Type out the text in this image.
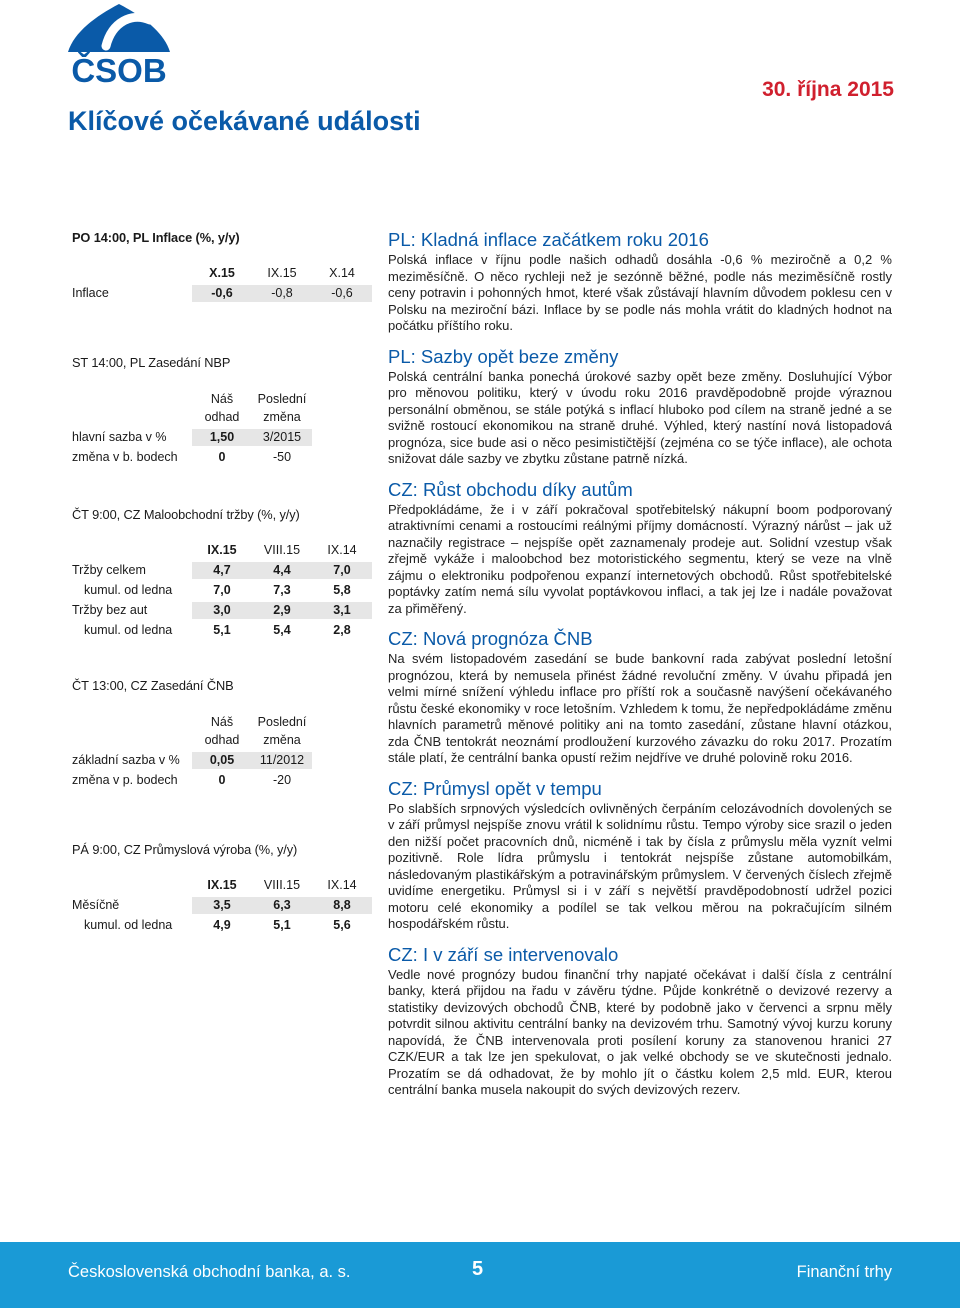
ČSOB
30. října 2015
Klíčové očekávané události
PO 14:00, PL Inflace (%, y/y)
	X.15	IX.15	X.14
Inflace	-0,6	-0,8	-0,6
ST 14:00, PL Zasedání NBP
	Náš odhad	Poslední změna
hlavní sazba v %	1,50	3/2015
změna v b. bodech	0	-50
ČT 9:00, CZ Maloobchodní tržby (%, y/y)
	IX.15	VIII.15	IX.14
Tržby celkem	4,7	4,4	7,0
kumul. od ledna	7,0	7,3	5,8
Tržby bez aut	3,0	2,9	3,1
kumul. od ledna	5,1	5,4	2,8
ČT 13:00, CZ Zasedání ČNB
	Náš odhad	Poslední změna
základní sazba v %	0,05	11/2012
změna v p. bodech	0	-20
PÁ 9:00, CZ Průmyslová výroba (%, y/y)
	IX.15	VIII.15	IX.14
Měsíčně	3,5	6,3	8,8
kumul. od ledna	4,9	5,1	5,6
PL: Kladná inflace začátkem roku 2016

Polská inflace v říjnu podle našich odhadů dosáhla -0,6 % meziročně a 0,2 % meziměsíčně. O něco rychleji než je sezónně běžné, podle nás meziměsíčně rostly ceny potravin i pohonných hmot, které však zůstávají hlavním důvodem poklesu cen v Polsku na meziroční bázi. Inflace by se podle nás mohla vrátit do kladných hodnot na počátku příštího roku.

PL: Sazby opět beze změny

Polská centrální banka ponechá úrokové sazby opět beze změny. Dosluhující Výbor pro měnovou politiku, který v úvodu roku 2016 pravděpodobně projde výraznou personální obměnou, se stále potýká s inflací hluboko pod cílem na straně jedné a se svižně rostoucí ekonomikou na straně druhé. Výhled, který nastíní nová listopadová prognóza, sice bude asi o něco pesimističtější (zejména co se týče inflace), ale ochota snižovat dále sazby ve zbytku zůstane patrně nízká.

CZ: Růst obchodu díky autům

Předpokládáme, že i v září pokračoval spotřebitelský nákupní boom podporovaný atraktivními cenami a rostoucími reálnými příjmy domácností. Výrazný nárůst – jak už naznačily registrace – nejspíše opět zaznamenaly prodeje aut. Solidní vzestup však zřejmě vykáže i maloobchod bez motoristického segmentu, který se veze na vlně zájmu o elektroniku podpořenou expanzí internetových obchodů. Růst spotřebitelské poptávky zatím nemá sílu vyvolat poptávkovou inflaci, a tak jej lze i nadále považovat za přiměřený.

CZ: Nová prognóza ČNB

Na svém listopadovém zasedání se bude bankovní rada zabývat poslední letošní prognózou, která by nemusela přinést žádné revoluční změny. V úvahu připadá jen velmi mírné snížení výhledu inflace pro příští rok a současně navýšení očekávaného růstu české ekonomiky v roce letošním. Vzhledem k tomu, že nepředpokládáme změnu hlavních parametrů měnové politiky ani na tomto zasedání, zůstane hlavní otázkou, zda ČNB tentokrát neoznámí prodloužení kurzového závazku do roku 2017. Prozatím stále platí, že centrální banka opustí režim nejdříve ve druhé polovině roku 2016.

CZ: Průmysl opět v tempu

Po slabších srpnových výsledcích ovlivněných čerpáním celozávodních dovolených se v září průmysl nejspíše znovu vrátil k solidnímu růstu. Tempo výroby sice srazil o jeden den nižší počet pracovních dnů, nicméně i tak by čísla z průmyslu měla vyznít velmi pozitivně. Role lídra průmyslu i tentokrát nejspíše zůstane automobilkám, následovaným plastikářským a potravinářským průmyslem. V červených číslech zřejmě uvidíme energetiku. Průmysl si i v září s největší pravděpodobností udržel pozici motoru celé ekonomiky a podílel se tak velkou měrou na pokračujícím silném hospodářském růstu.

CZ: I v září se intervenovalo

Vedle nové prognózy budou finanční trhy napjaté očekávat i další čísla z centrální banky, která přijdou na řadu v závěru týdne. Půjde konkrétně o devizové rezervy a statistiky devizových obchodů ČNB, které by podobně jako v červenci a srpnu měly potvrdit silnou aktivitu centrální banky na devizovém trhu. Samotný vývoj kurzu koruny napovídá, že ČNB intervenovala proti posílení koruny za stanovenou hranici 27 CZK/EUR a tak lze jen spekulovat, o jak velké obchody se ve skutečnosti jednalo. Prozatím se dá odhadovat, že by mohlo jít o částku kolem 2,5 mld. EUR, kterou centrální banka musela nakoupit do svých devizových rezerv.

Československá obchodní banka, a. s.	5	Finanční trhy
